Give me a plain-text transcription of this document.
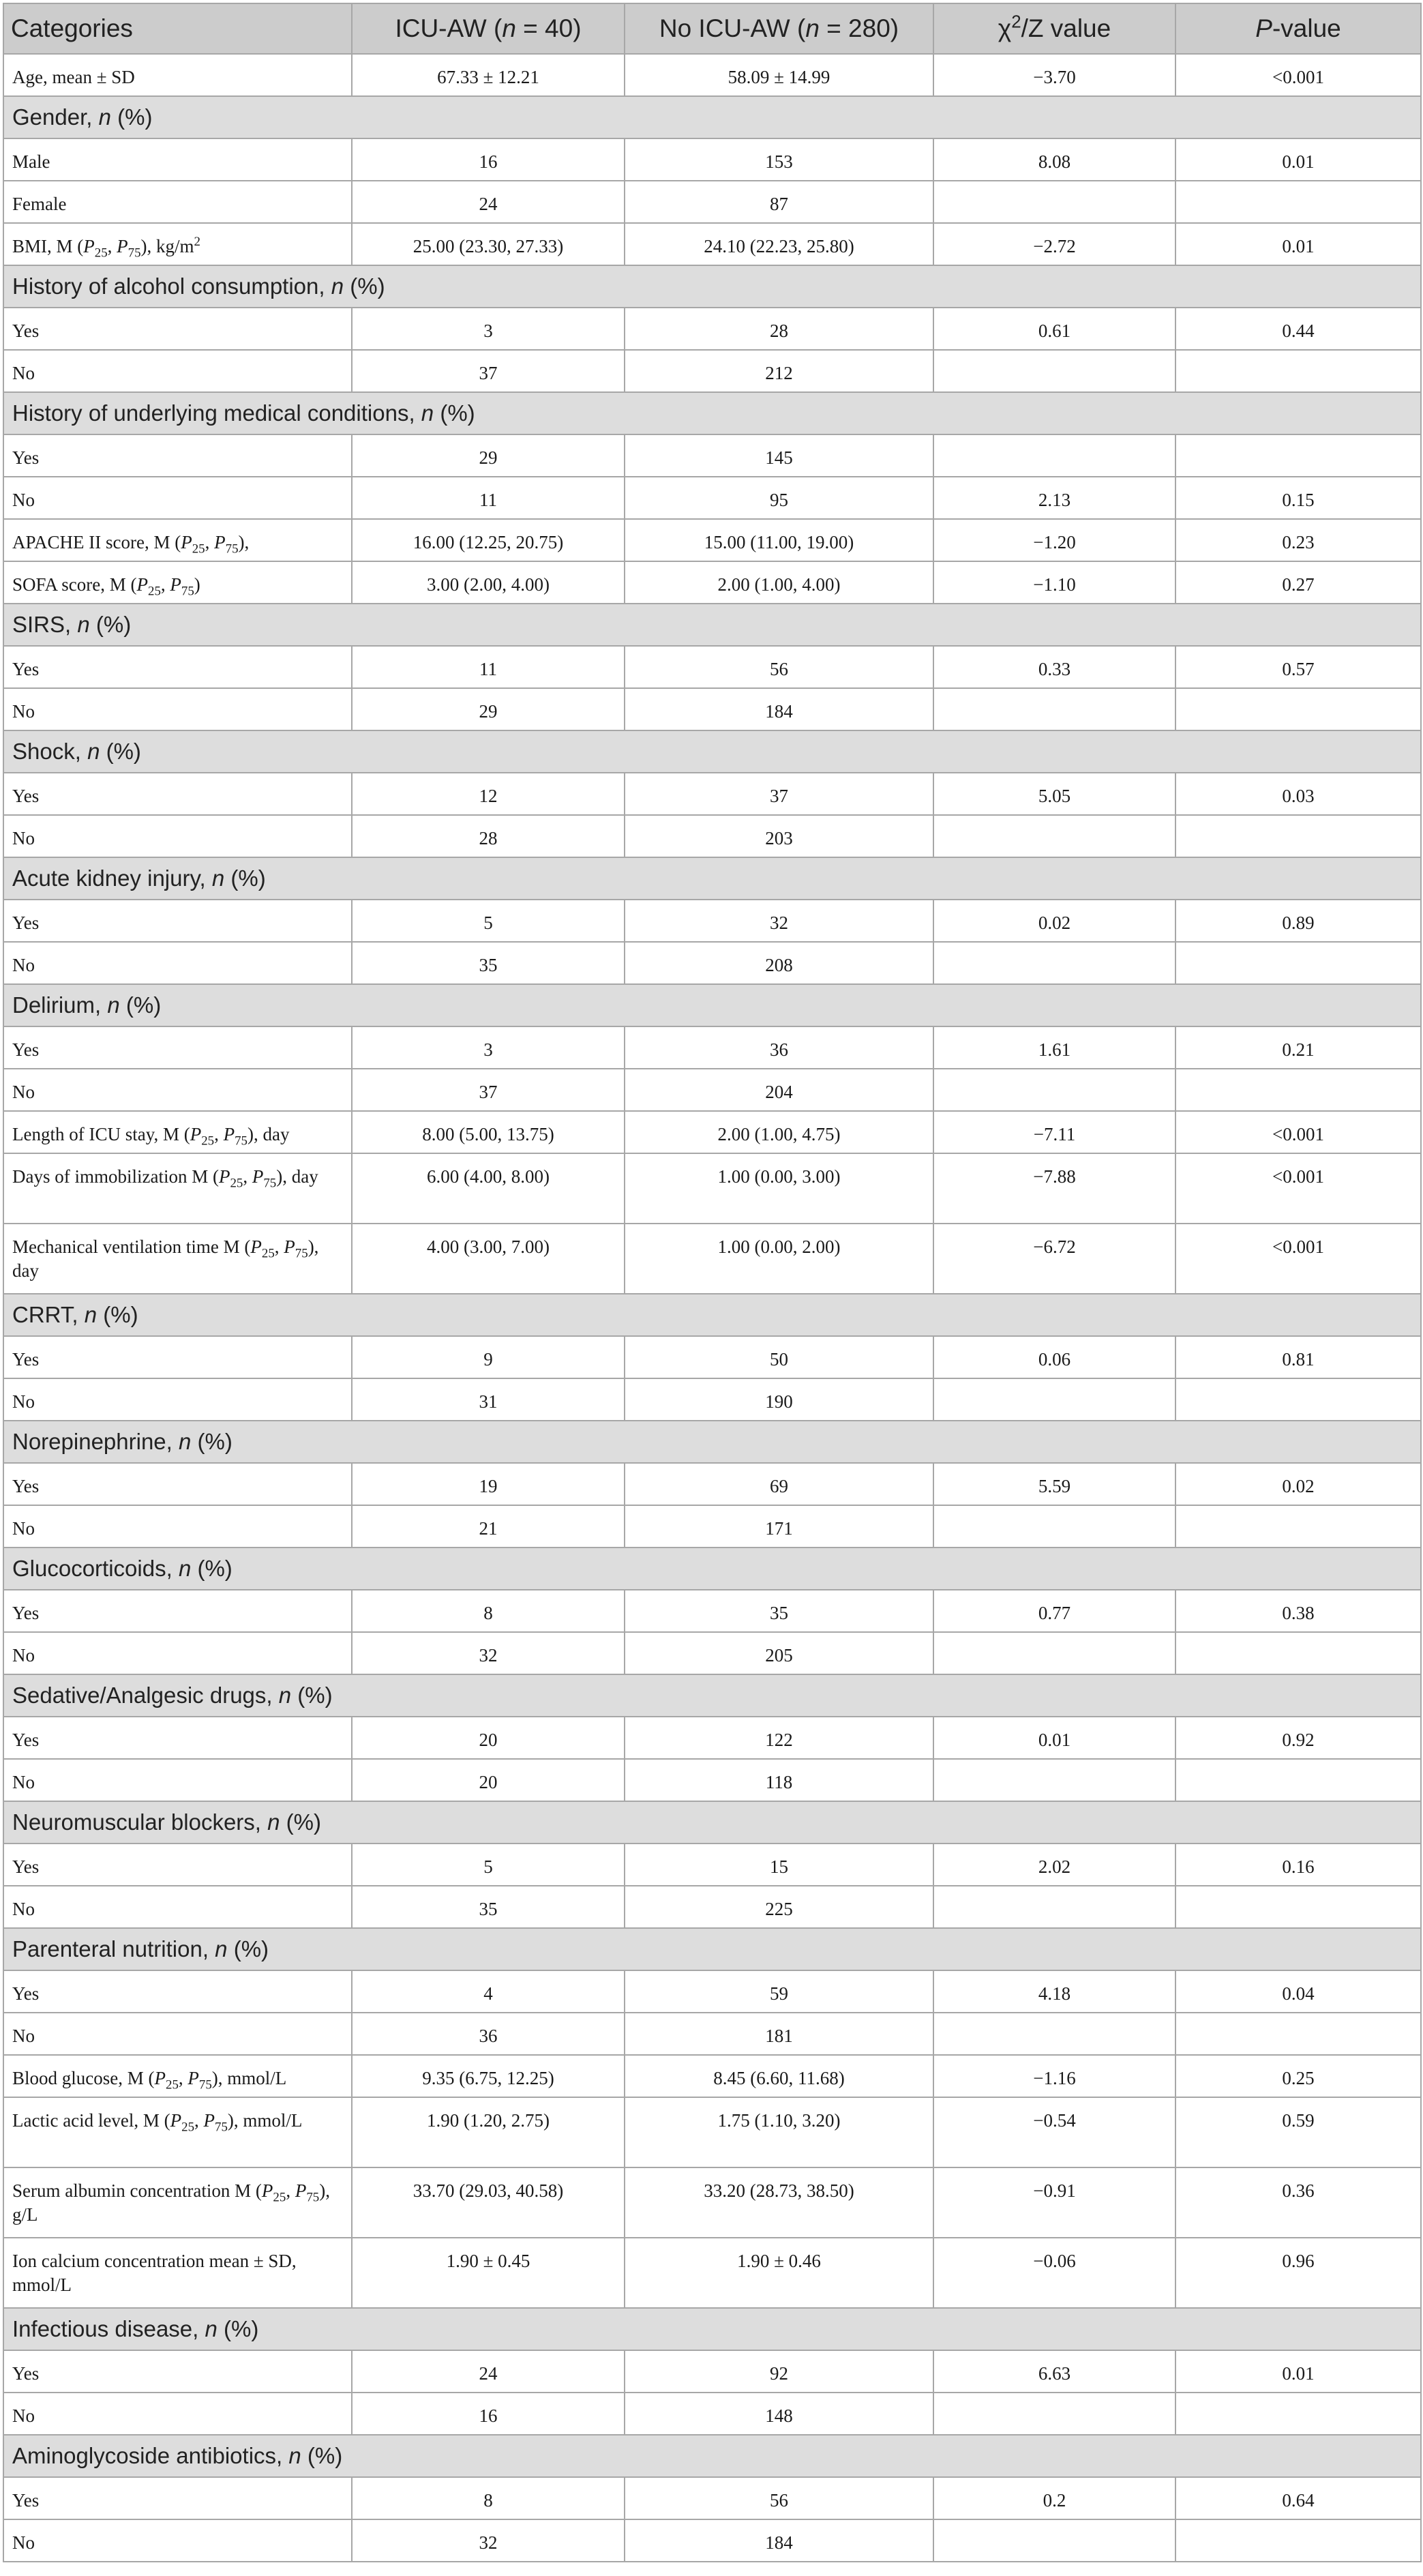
Categories	ICU-AW (n = 40)	No ICU-AW (n = 280)	$\chi^2/Z$ value	P-value
Age, mean ± SD	67.33 ± 12.21	58.09 ± 14.99	−3.70	<0.001
Gender, n (%)				
Male	16	153	8.08	0.01
Female	24	87		
BMI, M ($P_{25}$, $P_{75}$), $kg/m^2$	25.00 (23.30, 27.33)	24.10 (22.23, 25.80)	−2.72	0.01
History of alcohol consumption, n (%)				
Yes	3	28	0.61	0.44
No	37	212		
History of underlying medical conditions, n (%)				
Yes	29	145		
No	11	95	2.13	0.15
APACHE II score, M ($P_{25}$, $P_{75}$),	16.00 (12.25, 20.75)	15.00 (11.00, 19.00)	−1.20	0.23
SOFA score, M ($P_{25}$, $P_{75}$)	3.00 (2.00, 4.00)	2.00 (1.00, 4.00)	−1.10	0.27
SIRS, n (%)				
Yes	11	56	0.33	0.57
No	29	184		
Shock, n (%)				
Yes	12	37	5.05	0.03
No	28	203		
Acute kidney injury, n (%)				
Yes	5	32	0.02	0.89
No	35	208		
Delirium, n (%)				
Yes	3	36	1.61	0.21
No	37	204		
Length of ICU stay, M ($P_{25}$, $P_{75}$), day	8.00 (5.00, 13.75)	2.00 (1.00, 4.75)	−7.11	<0.001
Days of immobilization M ($P_{25}$, $P_{75}$), day	6.00 (4.00, 8.00)	1.00 (0.00, 3.00)	−7.88	<0.001
Mechanical ventilation time M ($P_{25}$, $P_{75}$), day	4.00 (3.00, 7.00)	1.00 (0.00, 2.00)	−6.72	<0.001
CRRT, n (%)				
Yes	9	50	0.06	0.81
No	31	190		
Norepinephrine, n (%)				
Yes	19	69	5.59	0.02
No	21	171		
Glucocorticoids, n (%)				
Yes	8	35	0.77	0.38
No	32	205		
Sedative/Analgesic drugs, n (%)				
Yes	20	122	0.01	0.92
No	20	118		
Neuromuscular blockers, n (%)				
Yes	5	15	2.02	0.16
No	35	225		
Parenteral nutrition, n (%)				
Yes	4	59	4.18	0.04
No	36	181		
Blood glucose, M ($P_{25}$, $P_{75}$), mmol/L	9.35 (6.75, 12.25)	8.45 (6.60, 11.68)	−1.16	0.25
Lactic acid level, M ($P_{25}$, $P_{75}$), mmol/L	1.90 (1.20, 2.75)	1.75 (1.10, 3.20)	−0.54	0.59
Serum albumin concentration M ($P_{25}$, $P_{75}$), g/L	33.70 (29.03, 40.58)	33.20 (28.73, 38.50)	−0.91	0.36
Ion calcium concentration mean ± SD, mmol/L	1.90 ± 0.45	1.90 ± 0.46	−0.06	0.96
Infectious disease, n (%)				
Yes	24	92	6.63	0.01
No	16	148		
Aminoglycoside antibiotics, n (%)				
Yes	8	56	0.2	0.64
No	32	184		
